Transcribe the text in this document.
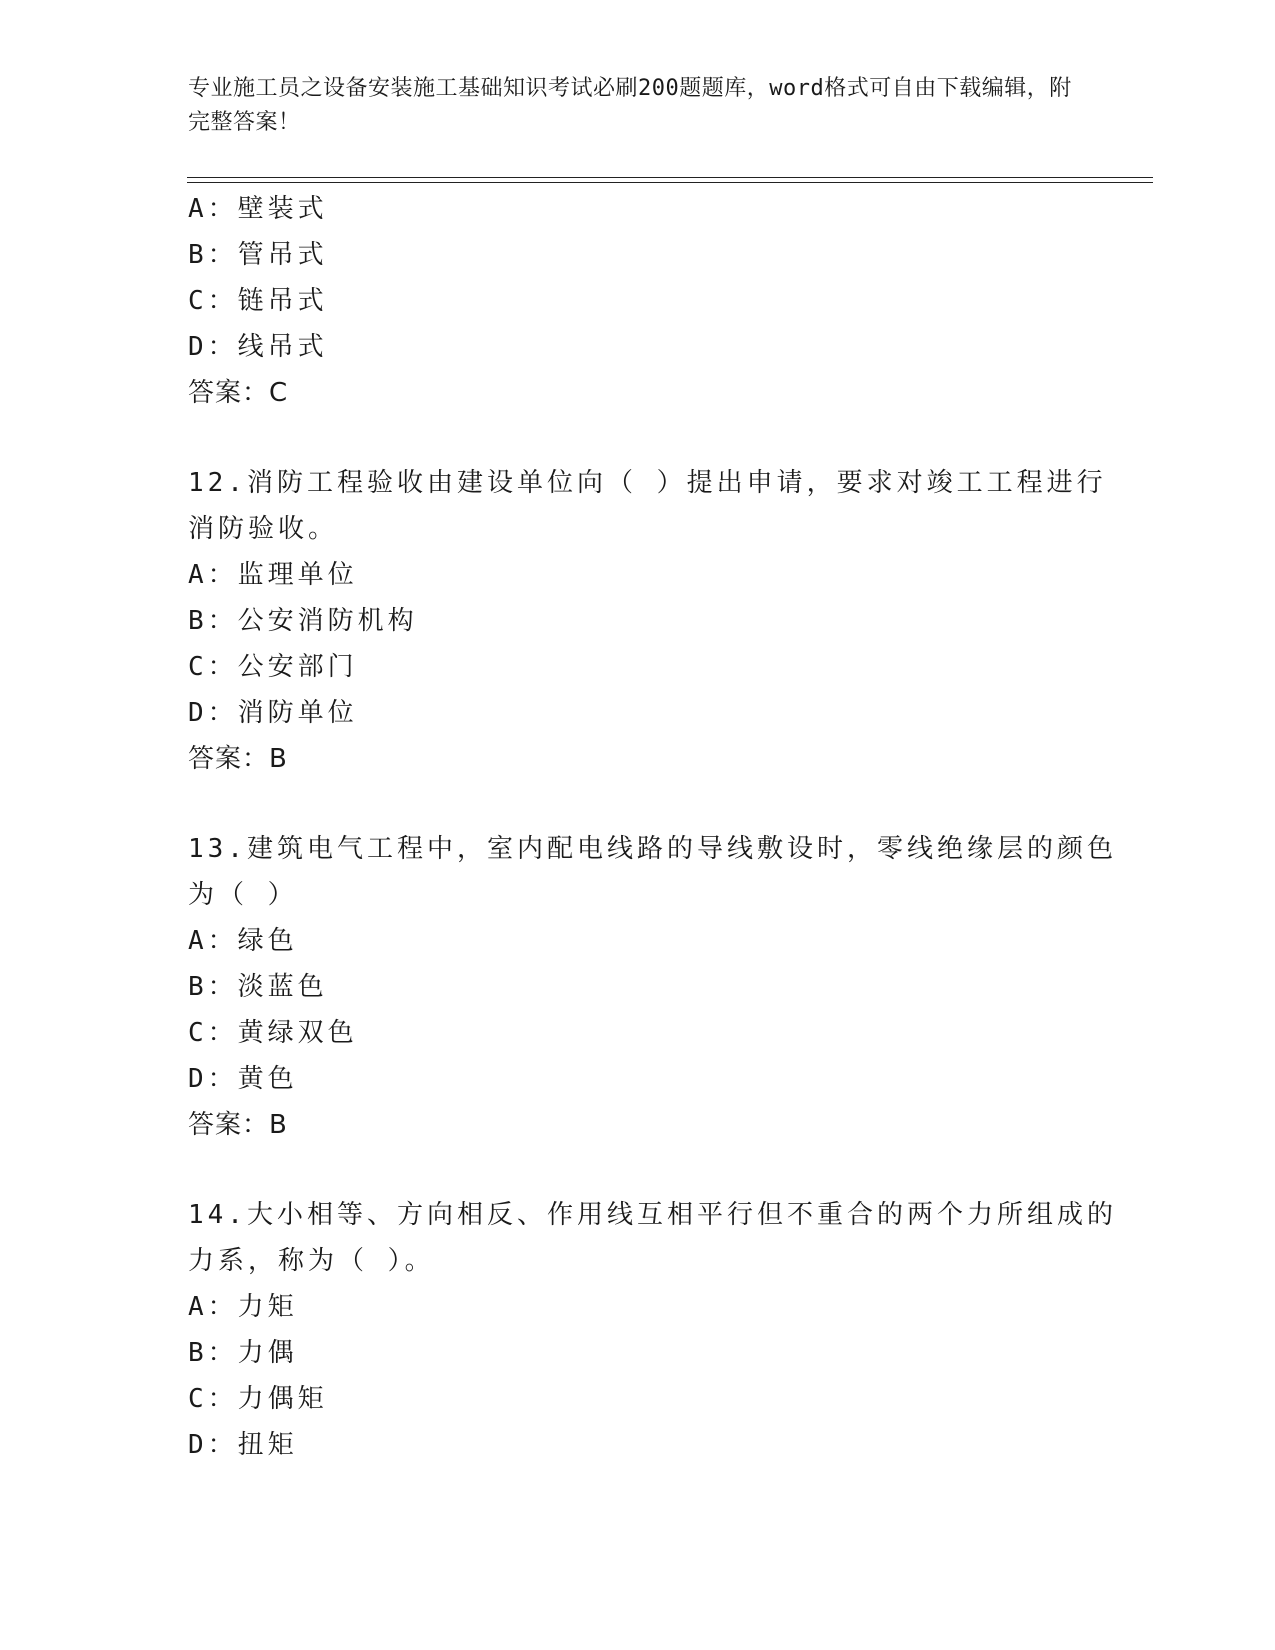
专业施工员之设备安装施工基础知识考试必刷200题题库，word格式可自由下载编辑，附完整答案！
A：壁装式
B：管吊式
C：链吊式
D：线吊式
答案：C
12.消防工程验收由建设单位向（ ）提出申请，要求对竣工工程进行
消防验收。
A：监理单位
B：公安消防机构
C：公安部门
D：消防单位
答案：B
13.建筑电气工程中，室内配电线路的导线敷设时，零线绝缘层的颜色
为（ ）
A：绿色
B：淡蓝色
C：黄绿双色
D：黄色
答案：B
14.大小相等、方向相反、作用线互相平行但不重合的两个力所组成的
力系，称为（ ）。
A：力矩
B：力偶
C：力偶矩
D：扭矩
